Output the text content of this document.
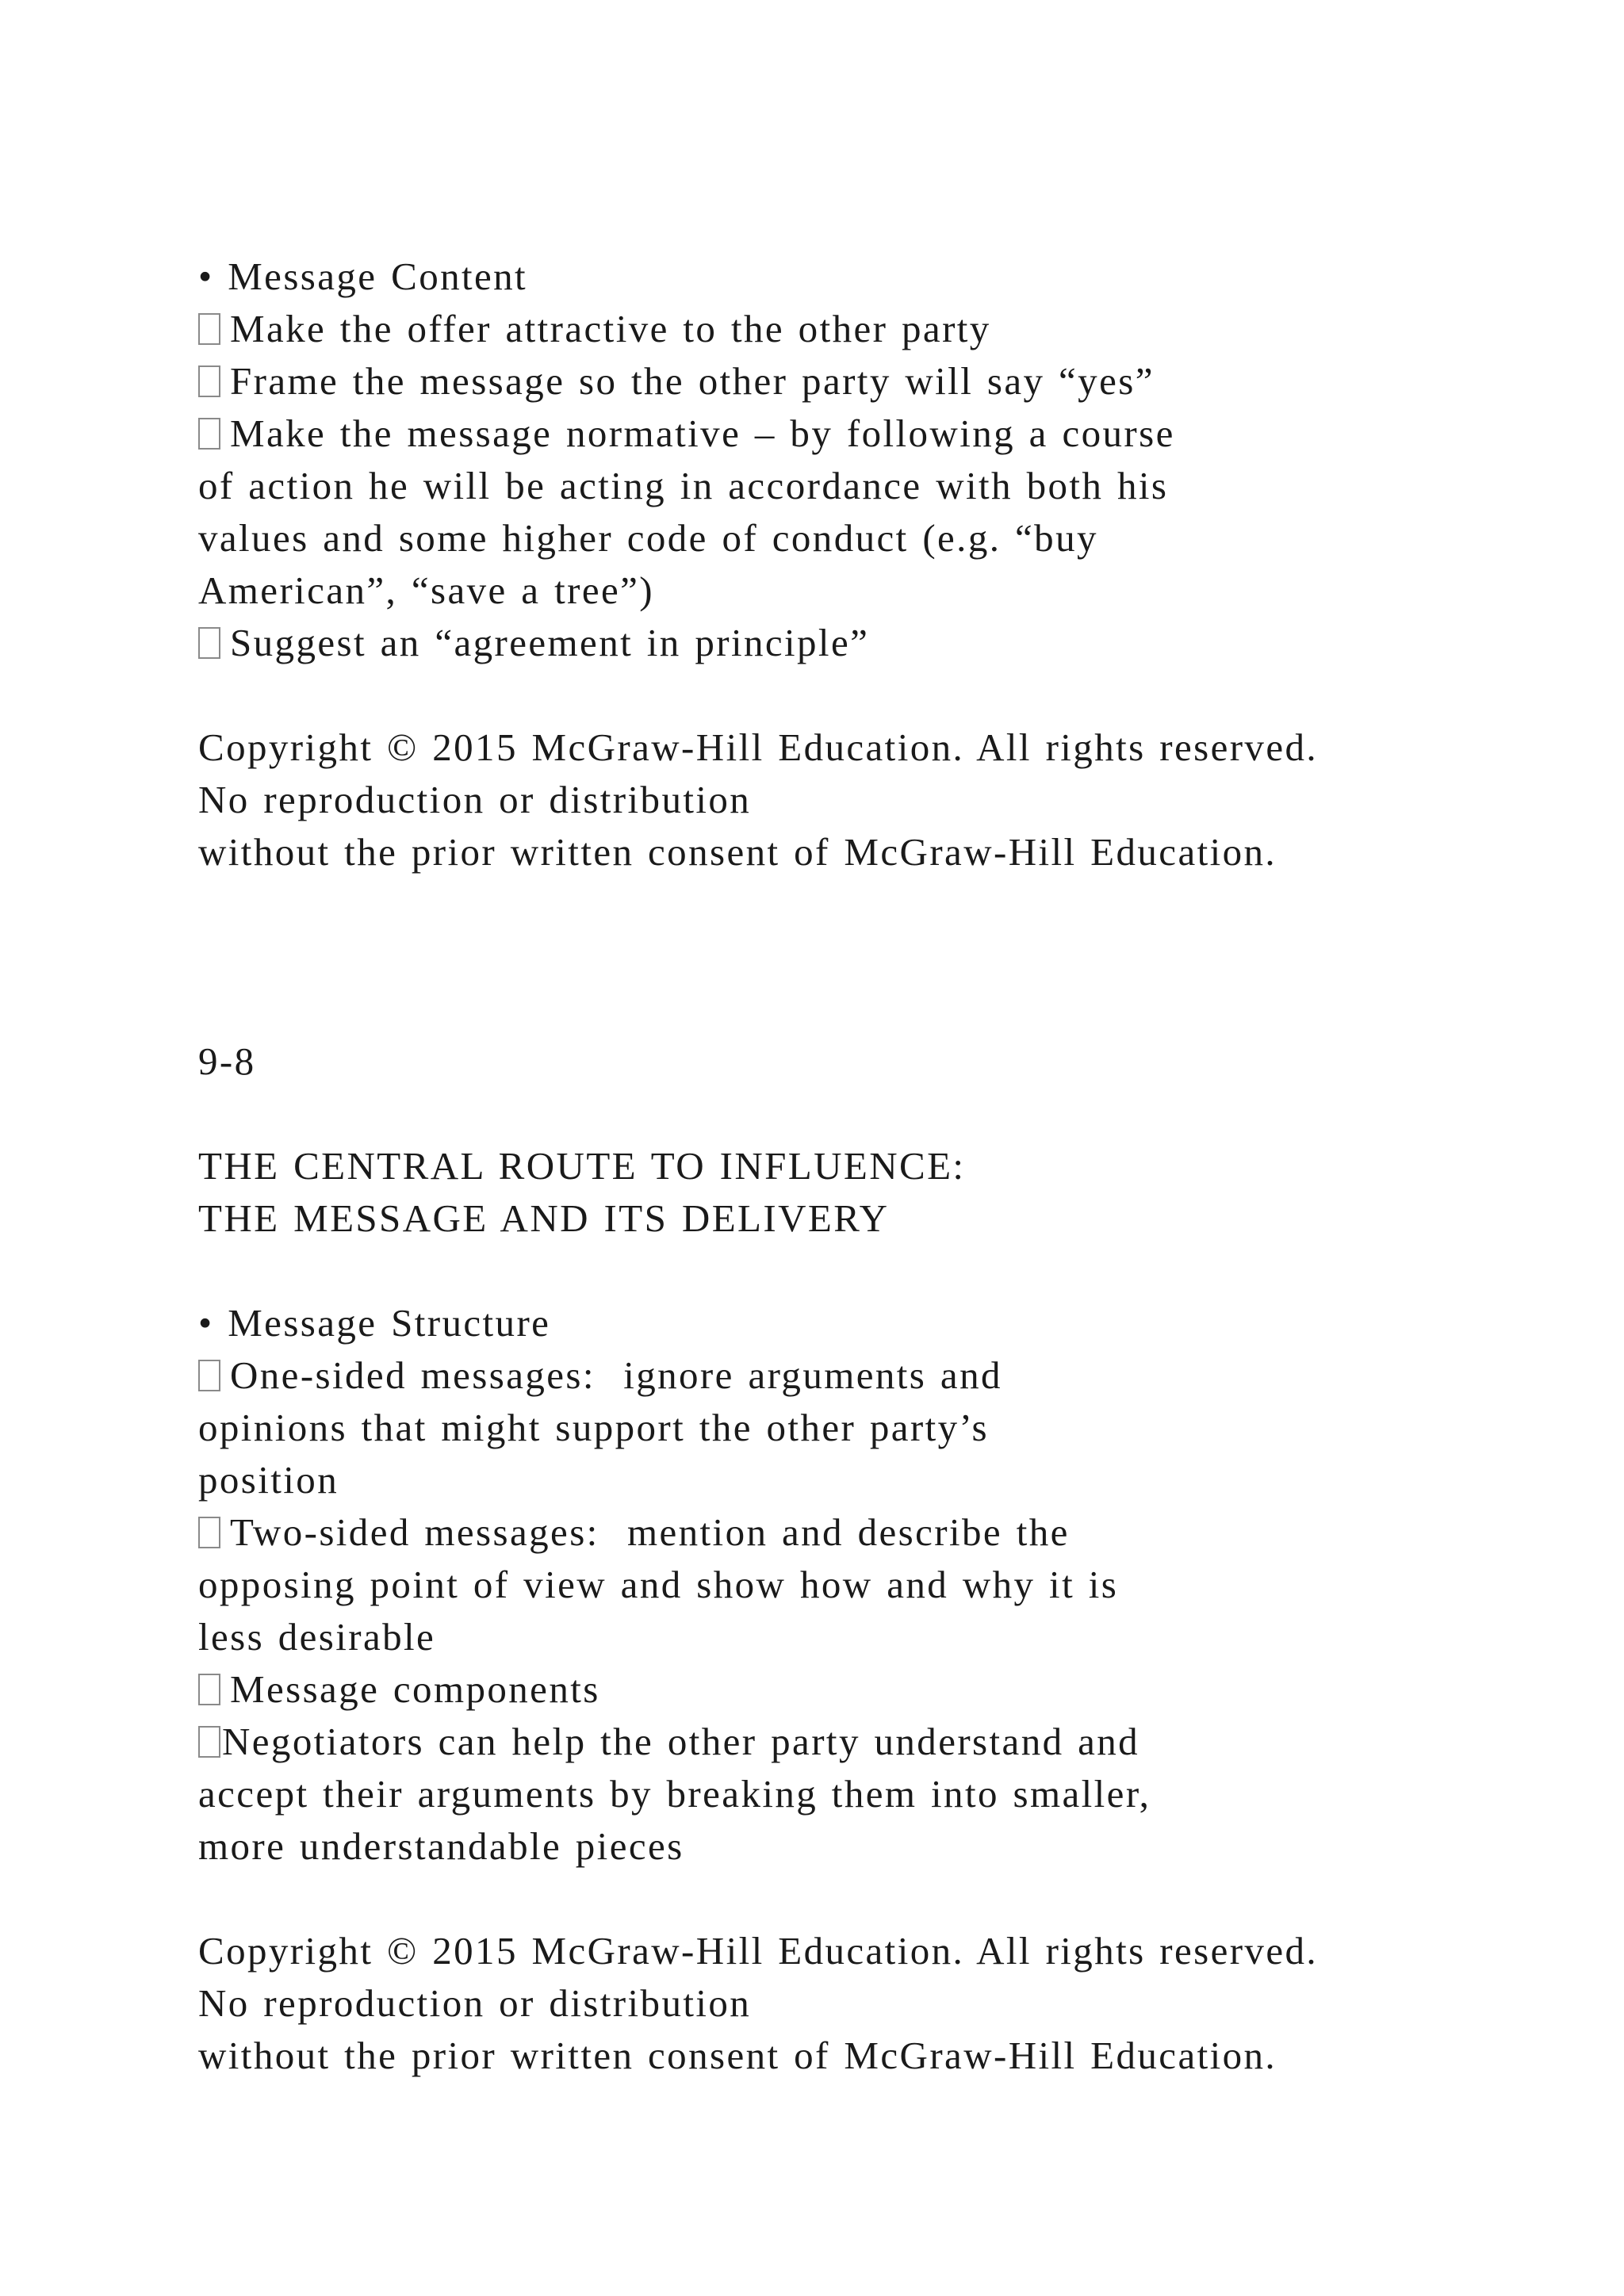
• Message Content
Make the offer attractive to the other party
Frame the message so the other party will say “yes”
Make the message normative – by following a course
of action he will be acting in accordance with both his
values and some higher code of conduct (e.g. “buy
American”, “save a tree”)
Suggest an “agreement in principle”
Copyright © 2015 McGraw-Hill Education. All rights reserved.
No reproduction or distribution
without the prior written consent of McGraw-Hill Education.
9-8
THE CENTRAL ROUTE TO INFLUENCE:
THE MESSAGE AND ITS DELIVERY
• Message Structure
One-sided messages:  ignore arguments and
opinions that might support the other party’s
position
Two-sided messages:  mention and describe the
opposing point of view and show how and why it is
less desirable
Message components
Negotiators can help the other party understand and
accept their arguments by breaking them into smaller,
more understandable pieces
Copyright © 2015 McGraw-Hill Education. All rights reserved.
No reproduction or distribution
without the prior written consent of McGraw-Hill Education.
